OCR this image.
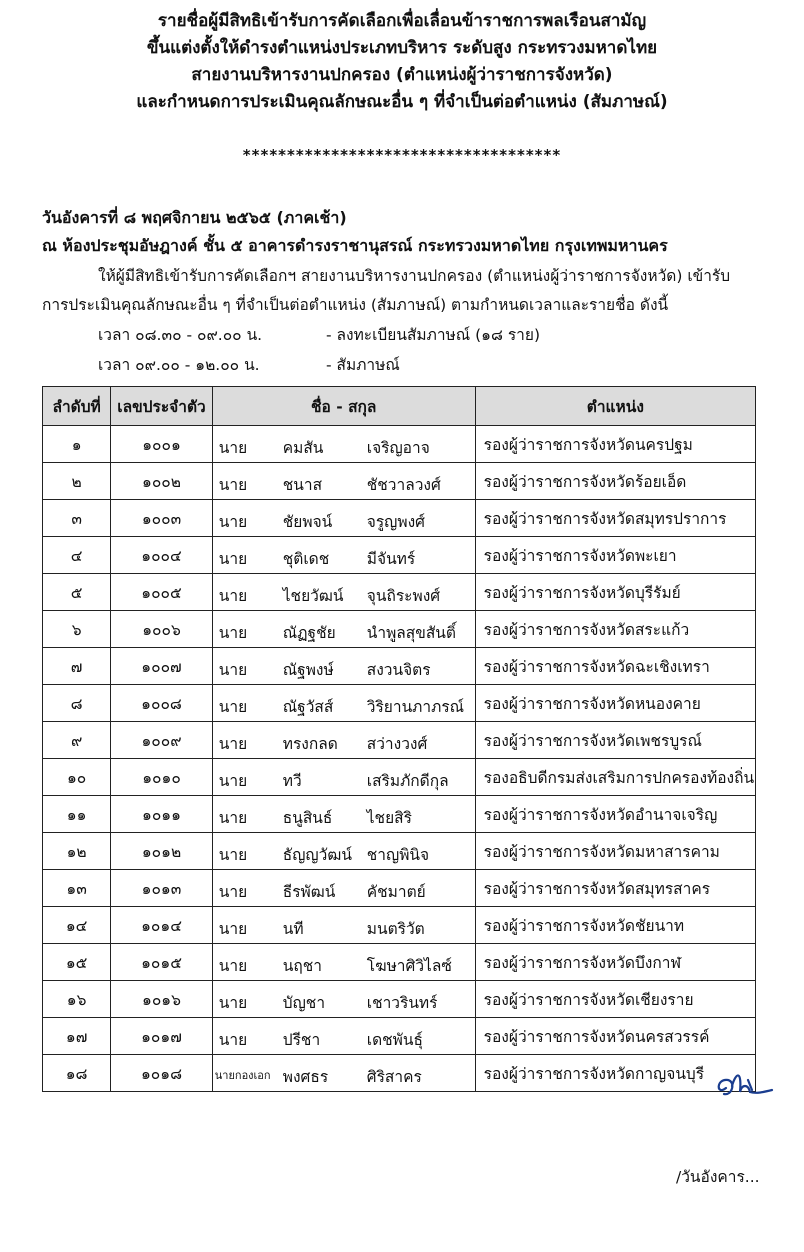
รายชื่อผู้มีสิทธิเข้ารับการคัดเลือกเพื่อเลื่อนข้าราชการพลเรือนสามัญ
ขึ้นแต่งตั้งให้ดำรงตำแหน่งประเภทบริหาร ระดับสูง กระทรวงมหาดไทย
สายงานบริหารงานปกครอง (ตำแหน่งผู้ว่าราชการจังหวัด)
และกำหนดการประเมินคุณลักษณะอื่น ๆ ที่จำเป็นต่อตำแหน่ง (สัมภาษณ์)
************************************
วันอังคารที่ ๘ พฤศจิกายน ๒๕๖๕ (ภาคเช้า)
ณ ห้องประชุมอัษฎางค์ ชั้น ๕ อาคารดำรงราชานุสรณ์ กระทรวงมหาดไทย กรุงเทพมหานคร
ให้ผู้มีสิทธิเข้ารับการคัดเลือกฯ สายงานบริหารงานปกครอง (ตำแหน่งผู้ว่าราชการจังหวัด) เข้ารับ
การประเมินคุณลักษณะอื่น ๆ ที่จำเป็นต่อตำแหน่ง (สัมภาษณ์) ตามกำหนดเวลาและรายชื่อ ดังนี้
เวลา ๐๘.๓๐ - ๐๙.๐๐ น.	- ลงทะเบียนสัมภาษณ์ (๑๘ ราย)
เวลา ๐๙.๐๐ - ๑๒.๐๐ น.	- สัมภาษณ์
ลำดับที่	เลขประจำตัว	ชื่อ - สกุล	ตำแหน่ง
๑	๑๐๐๑	นาย คมสัน เจริญอาจ	รองผู้ว่าราชการจังหวัดนครปฐม
๒	๑๐๐๒	นาย ชนาส ชัชวาลวงศ์	รองผู้ว่าราชการจังหวัดร้อยเอ็ด
๓	๑๐๐๓	นาย ชัยพจน์ จรูญพงศ์	รองผู้ว่าราชการจังหวัดสมุทรปราการ
๔	๑๐๐๔	นาย ชุติเดช มีจันทร์	รองผู้ว่าราชการจังหวัดพะเยา
๕	๑๐๐๕	นาย ไชยวัฒน์ จุนถิระพงศ์	รองผู้ว่าราชการจังหวัดบุรีรัมย์
๖	๑๐๐๖	นาย ณัฏฐชัย นำพูลสุขสันติ์	รองผู้ว่าราชการจังหวัดสระแก้ว
๗	๑๐๐๗	นาย ณัฐพงษ์ สงวนจิตร	รองผู้ว่าราชการจังหวัดฉะเชิงเทรา
๘	๑๐๐๘	นาย ณัฐวัสส์ วิริยานภาภรณ์	รองผู้ว่าราชการจังหวัดหนองคาย
๙	๑๐๐๙	นาย ทรงกลด สว่างวงศ์	รองผู้ว่าราชการจังหวัดเพชรบูรณ์
๑๐	๑๐๑๐	นาย ทวี เสริมภักดีกุล	รองอธิบดีกรมส่งเสริมการปกครองท้องถิ่น
๑๑	๑๐๑๑	นาย ธนูสินธ์ ไชยสิริ	รองผู้ว่าราชการจังหวัดอำนาจเจริญ
๑๒	๑๐๑๒	นาย ธัญญวัฒน์ ชาญพินิจ	รองผู้ว่าราชการจังหวัดมหาสารคาม
๑๓	๑๐๑๓	นาย ธีรพัฒน์ คัชมาตย์	รองผู้ว่าราชการจังหวัดสมุทรสาคร
๑๔	๑๐๑๔	นาย นที มนตริวัต	รองผู้ว่าราชการจังหวัดชัยนาท
๑๕	๑๐๑๕	นาย นฤชา โฆษาศิวิไลซ์	รองผู้ว่าราชการจังหวัดบึงกาฬ
๑๖	๑๐๑๖	นาย บัญชา เชาวรินทร์	รองผู้ว่าราชการจังหวัดเชียงราย
๑๗	๑๐๑๗	นาย ปรีชา เดชพันธุ์	รองผู้ว่าราชการจังหวัดนครสวรรค์
๑๘	๑๐๑๘	นายกองเอก พงศธร ศิริสาคร	รองผู้ว่าราชการจังหวัดกาญจนบุรี
/วันอังคาร...
